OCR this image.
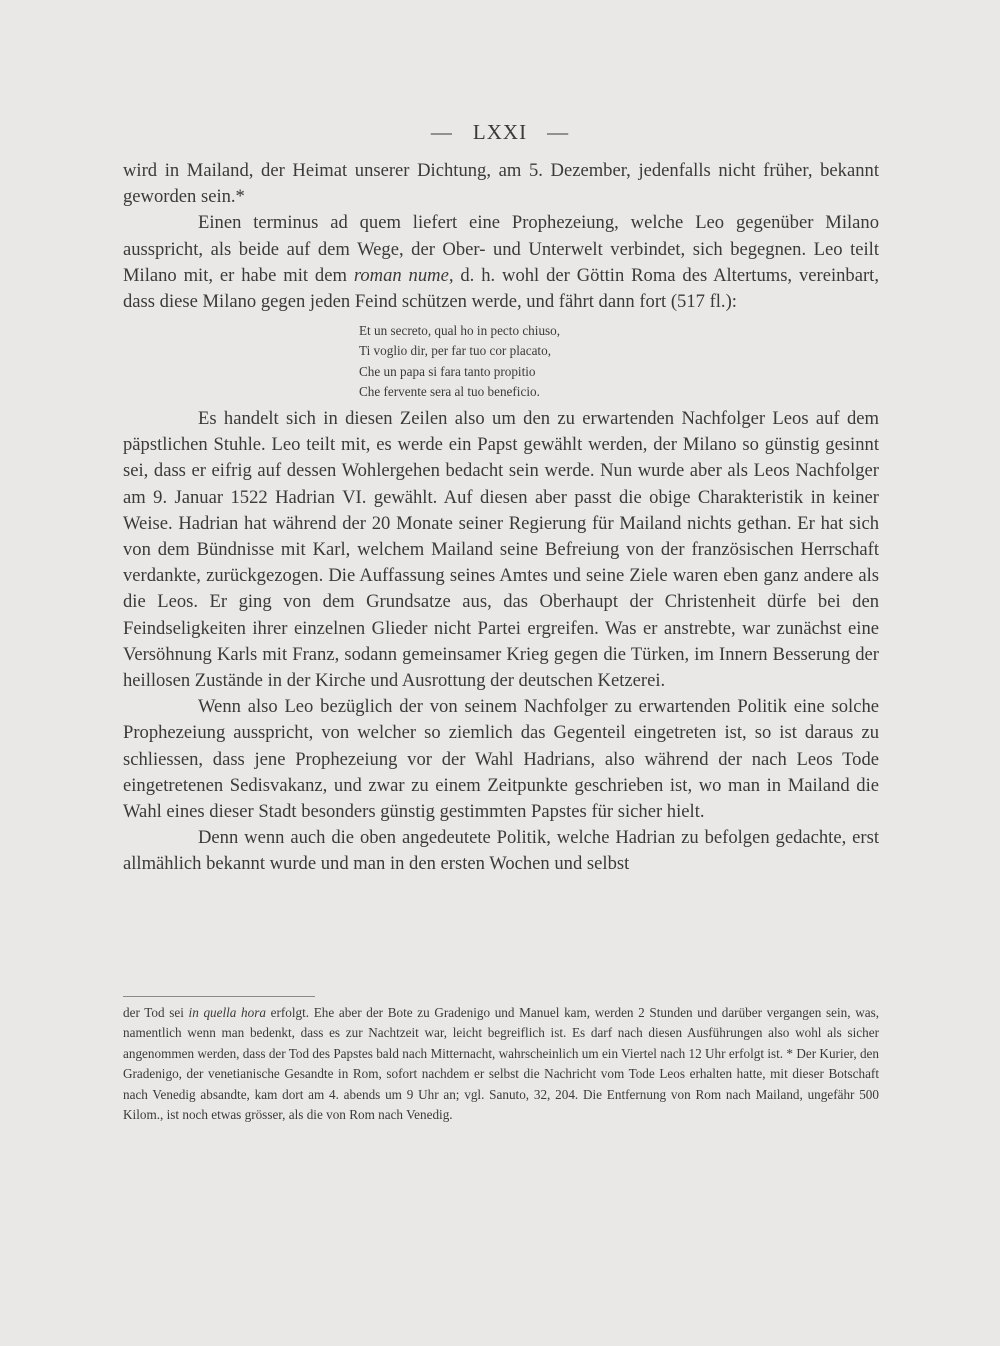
— LXXI —

wird in Mailand, der Heimat unserer Dichtung, am 5. Dezember, jedenfalls nicht früher, bekannt geworden sein.*

Einen terminus ad quem liefert eine Prophezeiung, welche Leo gegenüber Milano ausspricht, als beide auf dem Wege, der Ober- und Unterwelt verbindet, sich begegnen. Leo teilt Milano mit, er habe mit dem roman nume, d. h. wohl der Göttin Roma des Altertums, vereinbart, dass diese Milano gegen jeden Feind schützen werde, und fährt dann fort (517 fl.):

Et un secreto, qual ho in pecto chiuso,
Ti voglio dir, per far tuo cor placato,
Che un papa si fara tanto propitio
Che fervente sera al tuo beneficio.

Es handelt sich in diesen Zeilen also um den zu erwartenden Nachfolger Leos auf dem päpstlichen Stuhle. Leo teilt mit, es werde ein Papst gewählt werden, der Milano so günstig gesinnt sei, dass er eifrig auf dessen Wohlergehen bedacht sein werde. Nun wurde aber als Leos Nachfolger am 9. Januar 1522 Hadrian VI. gewählt. Auf diesen aber passt die obige Charakteristik in keiner Weise. Hadrian hat während der 20 Monate seiner Regierung für Mailand nichts gethan. Er hat sich von dem Bündnisse mit Karl, welchem Mailand seine Befreiung von der französischen Herrschaft verdankte, zurückgezogen. Die Auffassung seines Amtes und seine Ziele waren eben ganz andere als die Leos. Er ging von dem Grundsatze aus, das Oberhaupt der Christenheit dürfe bei den Feindseligkeiten ihrer einzelnen Glieder nicht Partei ergreifen. Was er anstrebte, war zunächst eine Versöhnung Karls mit Franz, sodann gemeinsamer Krieg gegen die Türken, im Innern Besserung der heillosen Zustände in der Kirche und Ausrottung der deutschen Ketzerei.

Wenn also Leo bezüglich der von seinem Nachfolger zu erwartenden Politik eine solche Prophezeiung ausspricht, von welcher so ziemlich das Gegenteil eingetreten ist, so ist daraus zu schliessen, dass jene Prophezeiung vor der Wahl Hadrians, also während der nach Leos Tode eingetretenen Sedisvakanz, und zwar zu einem Zeitpunkte geschrieben ist, wo man in Mailand die Wahl eines dieser Stadt besonders günstig gestimmten Papstes für sicher hielt.

Denn wenn auch die oben angedeutete Politik, welche Hadrian zu befolgen gedachte, erst allmählich bekannt wurde und man in den ersten Wochen und selbst

der Tod sei in quella hora erfolgt. Ehe aber der Bote zu Gradenigo und Manuel kam, werden 2 Stunden und darüber vergangen sein, was, namentlich wenn man bedenkt, dass es zur Nachtzeit war, leicht begreiflich ist. Es darf nach diesen Ausführungen also wohl als sicher angenommen werden, dass der Tod des Papstes bald nach Mitternacht, wahrscheinlich um ein Viertel nach 12 Uhr erfolgt ist. * Der Kurier, den Gradenigo, der venetianische Gesandte in Rom, sofort nachdem er selbst die Nachricht vom Tode Leos erhalten hatte, mit dieser Botschaft nach Venedig absandte, kam dort am 4. abends um 9 Uhr an; vgl. Sanuto, 32, 204. Die Entfernung von Rom nach Mailand, ungefähr 500 Kilom., ist noch etwas grösser, als die von Rom nach Venedig.
